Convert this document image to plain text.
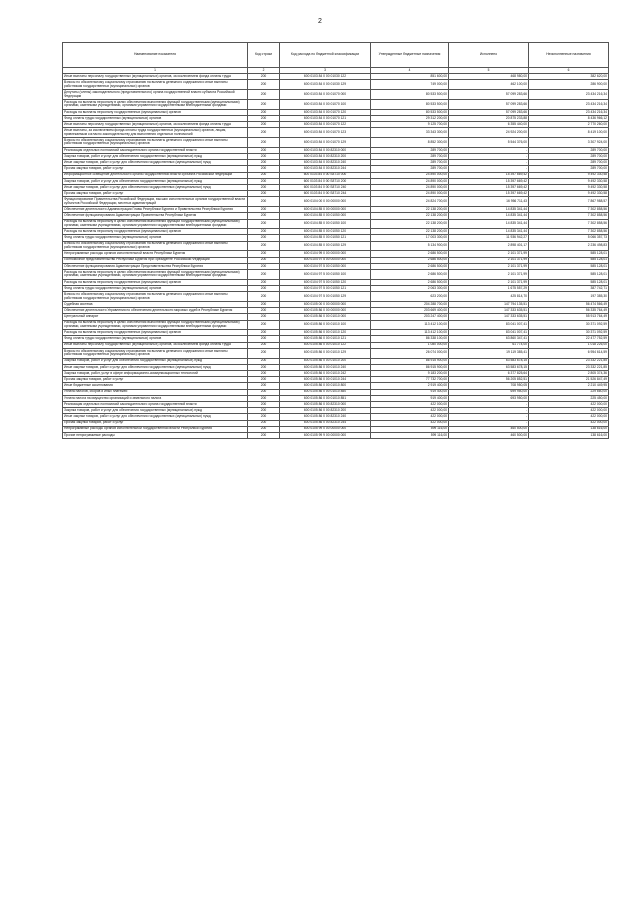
2
Наименование показателя	Код строки	Код расхода по бюджетной классификации	Утвержденные бюджетные назначения	Исполнено	Неисполненные назначения
1	2	3	4	5	6
Иные выплаты персоналу государственных (муниципальных) органов, за исключением фонда оплаты труда	200	600 0103 84 0 00 01030 122	851 600,00	468 980,00	382 620,00
Взносы по обязательному социальному страхованию на выплаты денежного содержания и иные выплаты работникам государственных (муниципальных) органов	200	600 0103 84 0 00 01030 129	749 000,00	462 100,00	286 900,00
Депутаты (члены) законодательного (представительного) органа государственной власти субъекта Российской Федерации	200	600 0103 84 0 00 01070 000	80 533 500,00	57 099 283,66	23 434 216,34
Расходы на выплаты персоналу в целях обеспечения выполнения функций государственными (муниципальными) органами, казенными учреждениями, органами управления государственными внебюджетными фондами	200	600 0103 84 0 00 01070 100	80 533 500,00	57 099 283,66	23 434 216,34
Расходы на выплаты персоналу государственных (муниципальных) органов	200	600 0103 84 0 00 01070 120	80 533 500,00	57 099 283,66	23 434 216,34
Фонд оплаты труда государственных (муниципальных) органов	200	600 0103 84 0 00 01070 121	29 312 200,00	20 875 233,88	8 436 966,12
Иные выплаты персоналу государственных (муниципальных) органов, за исключением фонда оплаты труда	200	600 0103 84 0 00 01070 122	9 125 700,00	6 355 440,00	2 770 260,00
Иные выплаты, за исключением фонда оплаты труда государственных (муниципальных) органов, лицам, привлекаемым согласно законодательству для выполнения отдельных полномочий	200	600 0103 84 0 00 01070 123	33 343 300,00	24 924 200,00	8 419 100,00
Взносы по обязательному социальному страхованию на выплаты денежного содержания и иные выплаты работникам государственных (муниципальных) органов	200	600 0103 84 0 00 01070 129	8 852 300,00	5 544 376,00	3 307 924,00
Реализация отдельных полномочий законодательного органа государственной власти	200	600 0103 84 0 00 82310 000	289 700,00	-	289 700,00
Закупка товаров, работ и услуг для обеспечения государственных (муниципальных) нужд	200	600 0103 84 0 00 82310 200	289 700,00	-	289 700,00
Иные закупки товаров, работ и услуг для обеспечения государственных (муниципальных) нужд	200	600 0103 84 0 00 82310 240	289 700,00	-	289 700,00
Прочая закупка товаров, работ и услуг	200	600 0103 84 0 00 82310 244	289 700,00	-	289 700,00
Информационное освещение деятельности органа государственной власти субъекта Российской Федерации	200	600 0103 84 0 00 S8710 000	24 890 000,00	15 397 669,42	9 492 330,58
Закупка товаров, работ и услуг для обеспечения государственных (муниципальных) нужд	200	600 0103 84 0 00 S8710 200	24 890 000,00	15 397 669,42	9 492 330,58
Иные закупки товаров, работ и услуг для обеспечения государственных (муниципальных) нужд	200	600 0103 84 0 00 S8710 240	24 890 000,00	15 397 669,42	9 492 330,58
Прочая закупка товаров, работ и услуг	200	600 0103 84 0 00 S8710 244	24 890 000,00	15 397 669,42	9 492 330,58
Функционирование Правительства Российской Федерации, высших исполнительных органов государственной власти субъектов Российской Федерации, местных администраций	200	600 0104 00 0 00 00000 000	24 824 700,00	16 956 711,43	7 867 988,57
Обеспечение деятельности Администрации Главы Республики Бурятия и Правительства Республики Бурятия	200	600 0104 85 0 00 00000 000	22 138 200,00	14 835 341,44	7 302 858,56
Обеспечение функционирования Администрации Правительства Республики Бурятия	200	600 0104 85 0 00 01050 000	22 138 200,00	14 835 341,44	7 302 858,56
Расходы на выплаты персоналу в целях обеспечения выполнения функций государственными (муниципальными) органами, казенными учреждениями, органами управления государственными внебюджетными фондами	200	600 0104 85 0 00 01050 100	22 138 200,00	14 835 341,44	7 302 858,56
Расходы на выплаты персоналу государственных (муниципальных) органов	200	600 0104 85 0 00 01050 120	22 138 200,00	14 835 341,44	7 302 858,56
Фонд оплаты труда государственных (муниципальных) органов	200	600 0104 85 0 00 01050 121	17 003 300,00	11 936 942,27	5 066 357,73
Взносы по обязательному социальному страхованию на выплаты денежного содержания и иные выплаты работникам государственных (муниципальных) органов	200	600 0104 85 0 00 01050 129	5 134 900,00	2 898 401,17	2 236 498,83
Непрограммные расходы органов исполнительной власти Республики Бурятия	200	600 0104 99 0 00 00000 000	2 686 500,00	2 101 371,99	585 128,01
Полномочное представительство Республики Бурятия при Президенте Российской Федерации	200	600 0104 97 5 00 00000 000	2 686 500,00	2 101 371,99	585 128,01
Обеспечение функционирования Администрации Представительства Республики Бурятия	200	600 0104 97 5 00 01050 000	2 686 500,00	2 101 371,99	585 128,01
Расходы на выплаты персоналу в целях обеспечения выполнения функций государственными (муниципальными) органами, казенными учреждениями, органами управления государственными внебюджетными фондами	200	600 0104 97 5 00 01050 100	2 686 500,00	2 101 371,99	585 128,01
Расходы на выплаты персоналу государственных (муниципальных) органов	200	600 0104 97 5 00 01050 120	2 686 500,00	2 101 371,99	585 128,01
Фонд оплаты труда государственных (муниципальных) органов	200	600 0104 97 5 00 01050 121	2 063 300,00	1 675 557,29	387 742,71
Взносы по обязательному социальному страхованию на выплаты денежного содержания и иные выплаты работникам государственных (муниципальных) органов	200	600 0104 97 5 00 01050 129	623 200,00	425 814,70	197 385,30
Судебная система	200	600 0105 00 0 00 00000 000	204 288 700,00	147 794 135,51	56 474 566,49
Обеспечение деятельности Управления по обеспечению деятельности мировых судей в Республике Бурятия	200	600 0105 86 0 00 00000 000	203 669 400,00	147 333 635,51	56 335 764,49
Центральный аппарат	200	600 0105 86 0 00 01010 000	203 247 400,00	147 333 635,51	55 913 764,49
Расходы на выплаты персоналу в целях обеспечения выполнения функций государственными (муниципальными) органами, казенными учреждениями, органами управления государственными внебюджетными фондами	200	600 0105 86 0 00 01010 100	113 412 100,00	83 041 007,41	30 371 092,59
Расходы на выплаты персоналу государственных (муниципальных) органов	200	600 0105 86 0 00 01010 120	113 412 100,00	83 041 007,41	30 371 092,59
Фонд оплаты труда государственных (муниципальных) органов	200	600 0105 86 0 00 01010 121	86 338 100,00	63 860 347,41	22 477 752,59
Иные выплаты персоналу государственных (муниципальных) органов, за исключением фонда оплаты труда	200	600 0105 86 0 00 01010 122	1 080 000,00	61 774,00	1 018 226,00
Взносы по обязательному социальному страхованию на выплаты денежного содержания и иные выплаты работникам государственных (муниципальных) органов	200	600 0105 86 0 00 01010 129	26 074 000,00	19 119 385,41	6 954 614,59
Закупка товаров, работ и услуг для обеспечения государственных (муниципальных) нужд	200	600 0105 86 0 00 01010 200	86 915 900,00	63 583 678,15	23 332 221,85
Иные закупки товаров, работ и услуг для обеспечения государственных (муниципальных) нужд	200	600 0105 86 0 00 01010 240	86 915 900,00	63 583 678,15	23 332 221,85
Закупка товаров, работ, услуг в сфере информационно-коммуникационных технологий	200	600 0105 86 0 00 01010 242	9 183 200,00	6 377 825,64	2 805 374,36
Прочая закупка товаров, работ и услуг	200	600 0105 86 0 00 01010 244	77 732 700,00	56 205 852,51	21 526 847,49
Иные бюджетные ассигнования	200	600 0105 86 0 00 01010 800	2 919 400,00	708 950,05	2 210 449,95
Уплата налогов, сборов и иных платежей	200	600 0105 86 0 00 01010 850	919 400,00	699 950,00	229 660,00
Уплата налога на имущество организаций и земельного налога	200	600 0105 86 0 00 01010 851	919 400,00	693 950,00	225 450,00
Реализация отдельных полномочий законодательного органа государственной власти	200	600 0105 86 0 00 82310 000	422 000,00	-	422 000,00
Закупка товаров, работ и услуг для обеспечения государственных (муниципальных) нужд	200	600 0105 86 0 00 82310 200	422 000,00	-	422 000,00
Иные закупки товаров, работ и услуг для обеспечения государственных (муниципальных) нужд	200	600 0105 86 0 00 82310 240	422 000,00	-	422 000,00
Прочая закупка товаров, работ и услуг	200	600 0105 86 0 00 82310 244	422 000,00	-	422 000,00
Непрограммные расходы органов исполнительной государственной власти Республики Бурятия	200	600 0105 99 0 00 00000 000	599 116,00	460 500,00	138 616,00
Прочие непрограммные расходы	200	600 0105 99 9 00 00000 000	599 116,00	460 500,00	138 616,00
